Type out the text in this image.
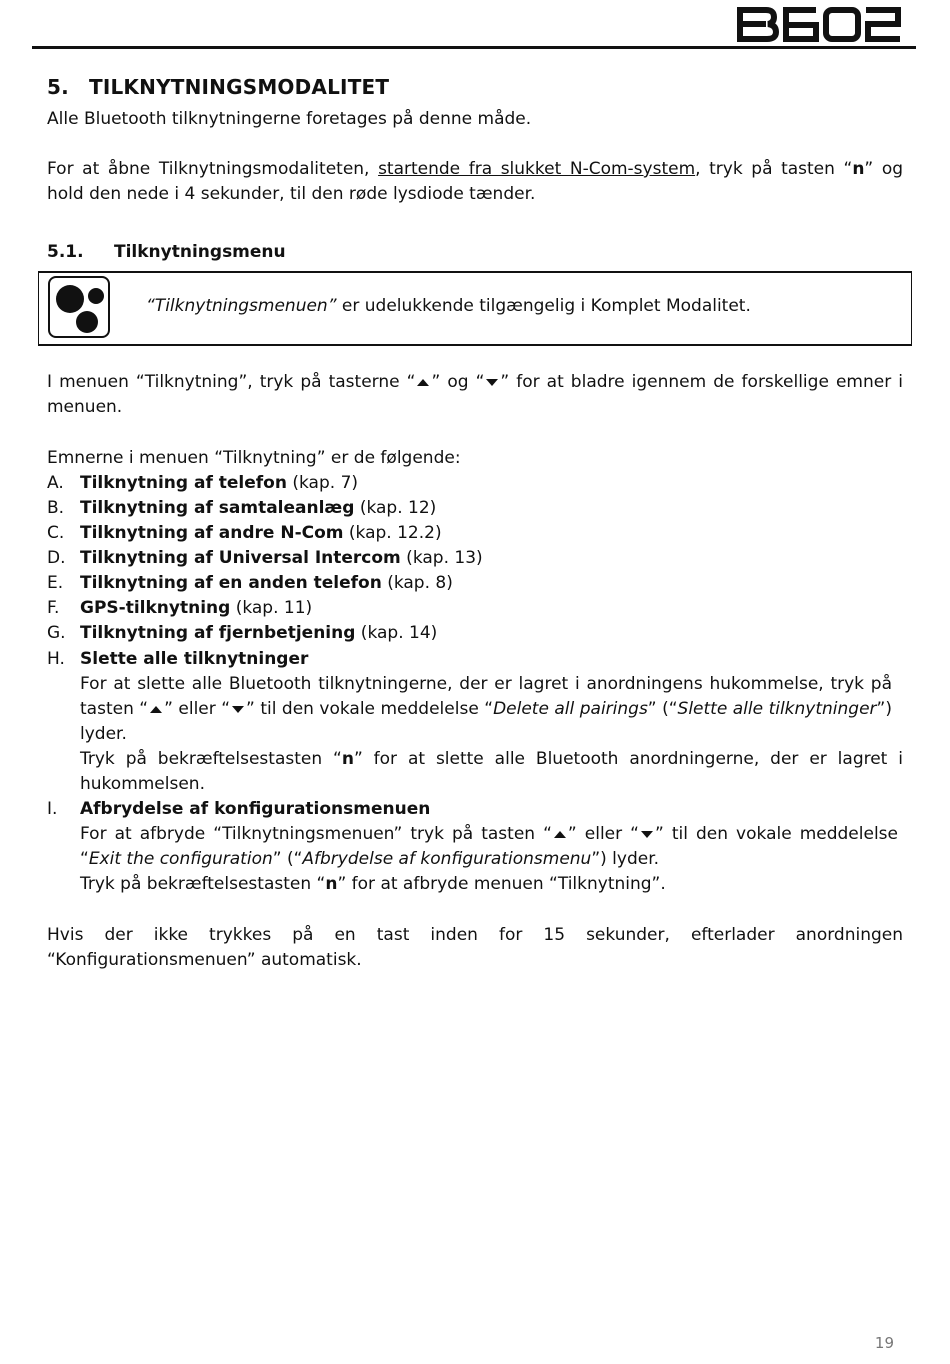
5. TILKNYTNINGSMODALITET

Alle Bluetooth tilknytningerne foretages på denne måde.

For at åbne Tilknytningsmodaliteten, startende fra slukket N-Com-system, tryk på tasten “n” og hold den nede i 4 sekunder, til den røde lysdiode tænder.

5.1. Tilknytningsmenu
“Tilknytningsmenuen” er udelukkende tilgængelig i Komplet Modalitet.

I menuen “Tilknytning”, tryk på tasterne “ ” og “ ” for at bladre igennem de forskellige emner i menuen.

Emnerne i menuen “Tilknytning” er de følgende:

A. Tilknytning af telefon (kap. 7)
B. Tilknytning af samtaleanlæg (kap. 12)
C. Tilknytning af andre N-Com (kap. 12.2)
D. Tilknytning af Universal Intercom (kap. 13)
E. Tilknytning af en anden telefon (kap. 8)
F.	GPS-tilknytning (kap. 11)
G. Tilknytning af fjernbetjening (kap. 14)
H. Slette alle tilknytninger
For at slette alle Bluetooth tilknytningerne, der er lagret i anordningens hukommelse, tryk på tasten “ ” eller “ ” til den vokale meddelelse “Delete all pairings” (“Slette alle tilknytninger”) lyder.
Tryk på bekræftelsestasten “n” for at slette alle Bluetooth anordningerne, der er lagret i hukommelsen.
I.	Afbrydelse af konfigurationsmenuen
For at afbryde “Tilknytningsmenuen” tryk på tasten “ ” eller “ ” til den vokale meddelelse “Exit the configuration” (“Afbrydelse af konfigurationsmenu”) lyder.
Tryk på bekræftelsestasten “n” for at afbryde menuen “Tilknytning”.

Hvis der ikke trykkes på en tast inden for 15 sekunder, efterlader anordningen “Konfigurationsmenuen” automatisk.

19
